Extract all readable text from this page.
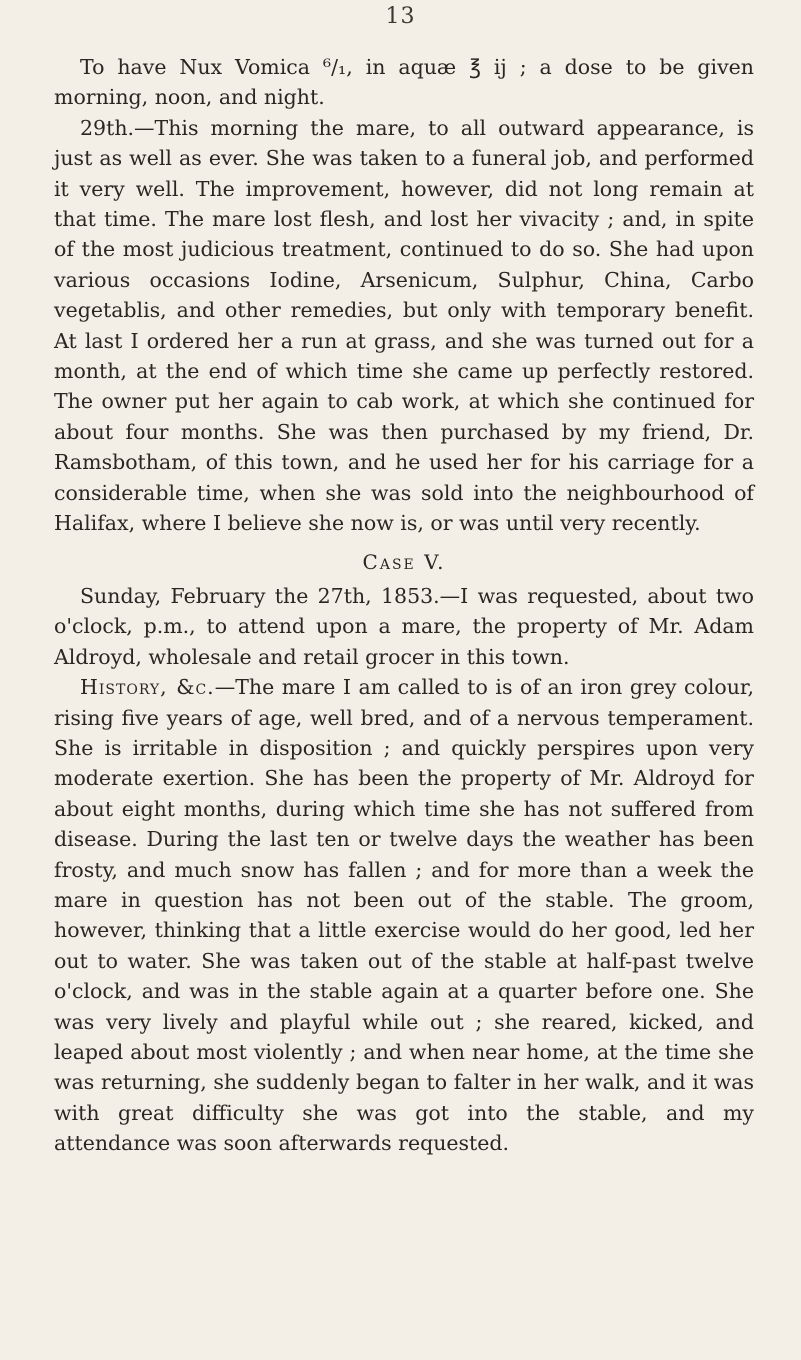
13

To have Nux Vomica ⁶/₁, in aquæ ℥ ij ; a dose to be given morning, noon, and night.

29th.—This morning the mare, to all outward appearance, is just as well as ever. She was taken to a funeral job, and performed it very well. The improvement, however, did not long remain at that time. The mare lost flesh, and lost her vivacity ; and, in spite of the most judicious treatment, continued to do so. She had upon various occasions Iodine, Arsenicum, Sulphur, China, Carbo vegetablis, and other remedies, but only with temporary benefit. At last I ordered her a run at grass, and she was turned out for a month, at the end of which time she came up perfectly restored. The owner put her again to cab work, at which she continued for about four months. She was then purchased by my friend, Dr. Ramsbotham, of this town, and he used her for his carriage for a considerable time, when she was sold into the neighbourhood of Halifax, where I believe she now is, or was until very recently.

Case V.

Sunday, February the 27th, 1853.—I was requested, about two o'clock, p.m., to attend upon a mare, the property of Mr. Adam Aldroyd, wholesale and retail grocer in this town.

History, &c.—The mare I am called to is of an iron grey colour, rising five years of age, well bred, and of a nervous temperament. She is irritable in disposition ; and quickly perspires upon very moderate exertion. She has been the property of Mr. Aldroyd for about eight months, during which time she has not suffered from disease. During the last ten or twelve days the weather has been frosty, and much snow has fallen ; and for more than a week the mare in question has not been out of the stable. The groom, however, thinking that a little exercise would do her good, led her out to water. She was taken out of the stable at half-past twelve o'clock, and was in the stable again at a quarter before one. She was very lively and playful while out ; she reared, kicked, and leaped about most violently ; and when near home, at the time she was returning, she suddenly began to falter in her walk, and it was with great difficulty she was got into the stable, and my attendance was soon afterwards requested.
